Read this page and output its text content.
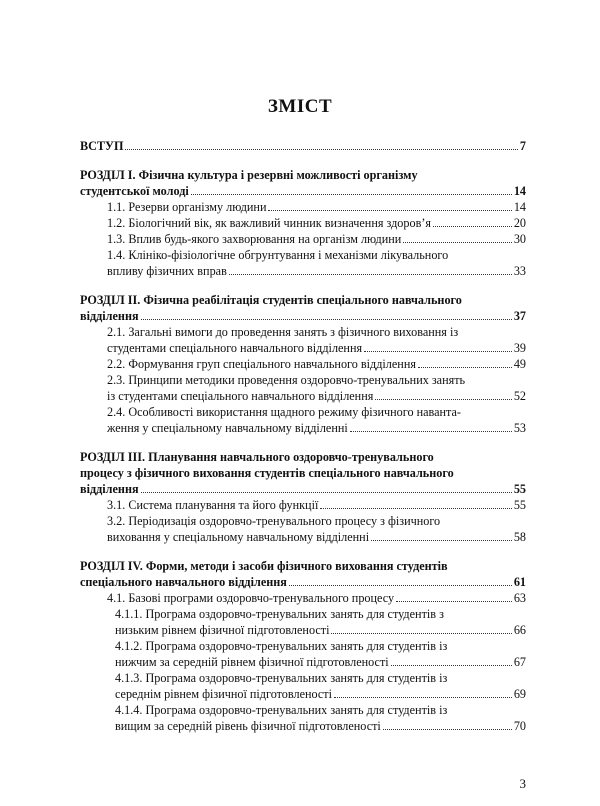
ЗМІСТ
ВСТУП	7
РОЗДІЛ I. Фізична культура і резервні можливості організму
студентської молоді	14
1.1. Резерви організму людини	14
1.2. Біологічний вік, як важливий чинник визначення здоров’я	20
1.3. Вплив будь-якого захворювання на організм людини	30
1.4. Клініко-фізіологічне обгрунтування і механізми лікувального
впливу фізичних вправ	33
РОЗДІЛ II. Фізична реабілітація студентів спеціального навчального
відділення	37
2.1. Загальні вимоги до проведення занять з фізичного виховання із
студентами спеціального навчального відділення	39
2.2. Формування груп спеціального навчального відділення	49
2.3. Принципи методики проведення оздоровчо-тренувальних занять
із студентами спеціального навчального відділення	52
2.4. Особливості використання щадного режиму фізичного наванта-
ження у спеціальному навчальному відділенні	53
РОЗДІЛ III. Планування навчального оздоровчо-тренувального
процесу з фізичного виховання студентів спеціального навчального
відділення	55
3.1. Система планування та його функції	55
3.2. Періодизація оздоровчо-тренувального процесу з фізичного
виховання у спеціальному навчальному відділенні	58
РОЗДІЛ IV. Форми, методи і засоби фізичного виховання студентів
спеціального навчального відділення	61
4.1. Базові програми оздоровчо-тренувального процесу	63
4.1.1. Програма оздоровчо-тренувальних занять для студентів з
низьким рівнем фізичної підготовленості	66
4.1.2. Програма оздоровчо-тренувальних занять для студентів із
нижчим за середній рівнем фізичної підготовленості	67
4.1.3. Програма оздоровчо-тренувальних занять для студентів із
середнім рівнем фізичної підготовленості	69
4.1.4. Програма оздоровчо-тренувальних занять для студентів із
вищим за середній рівень фізичної підготовленості	70
3
